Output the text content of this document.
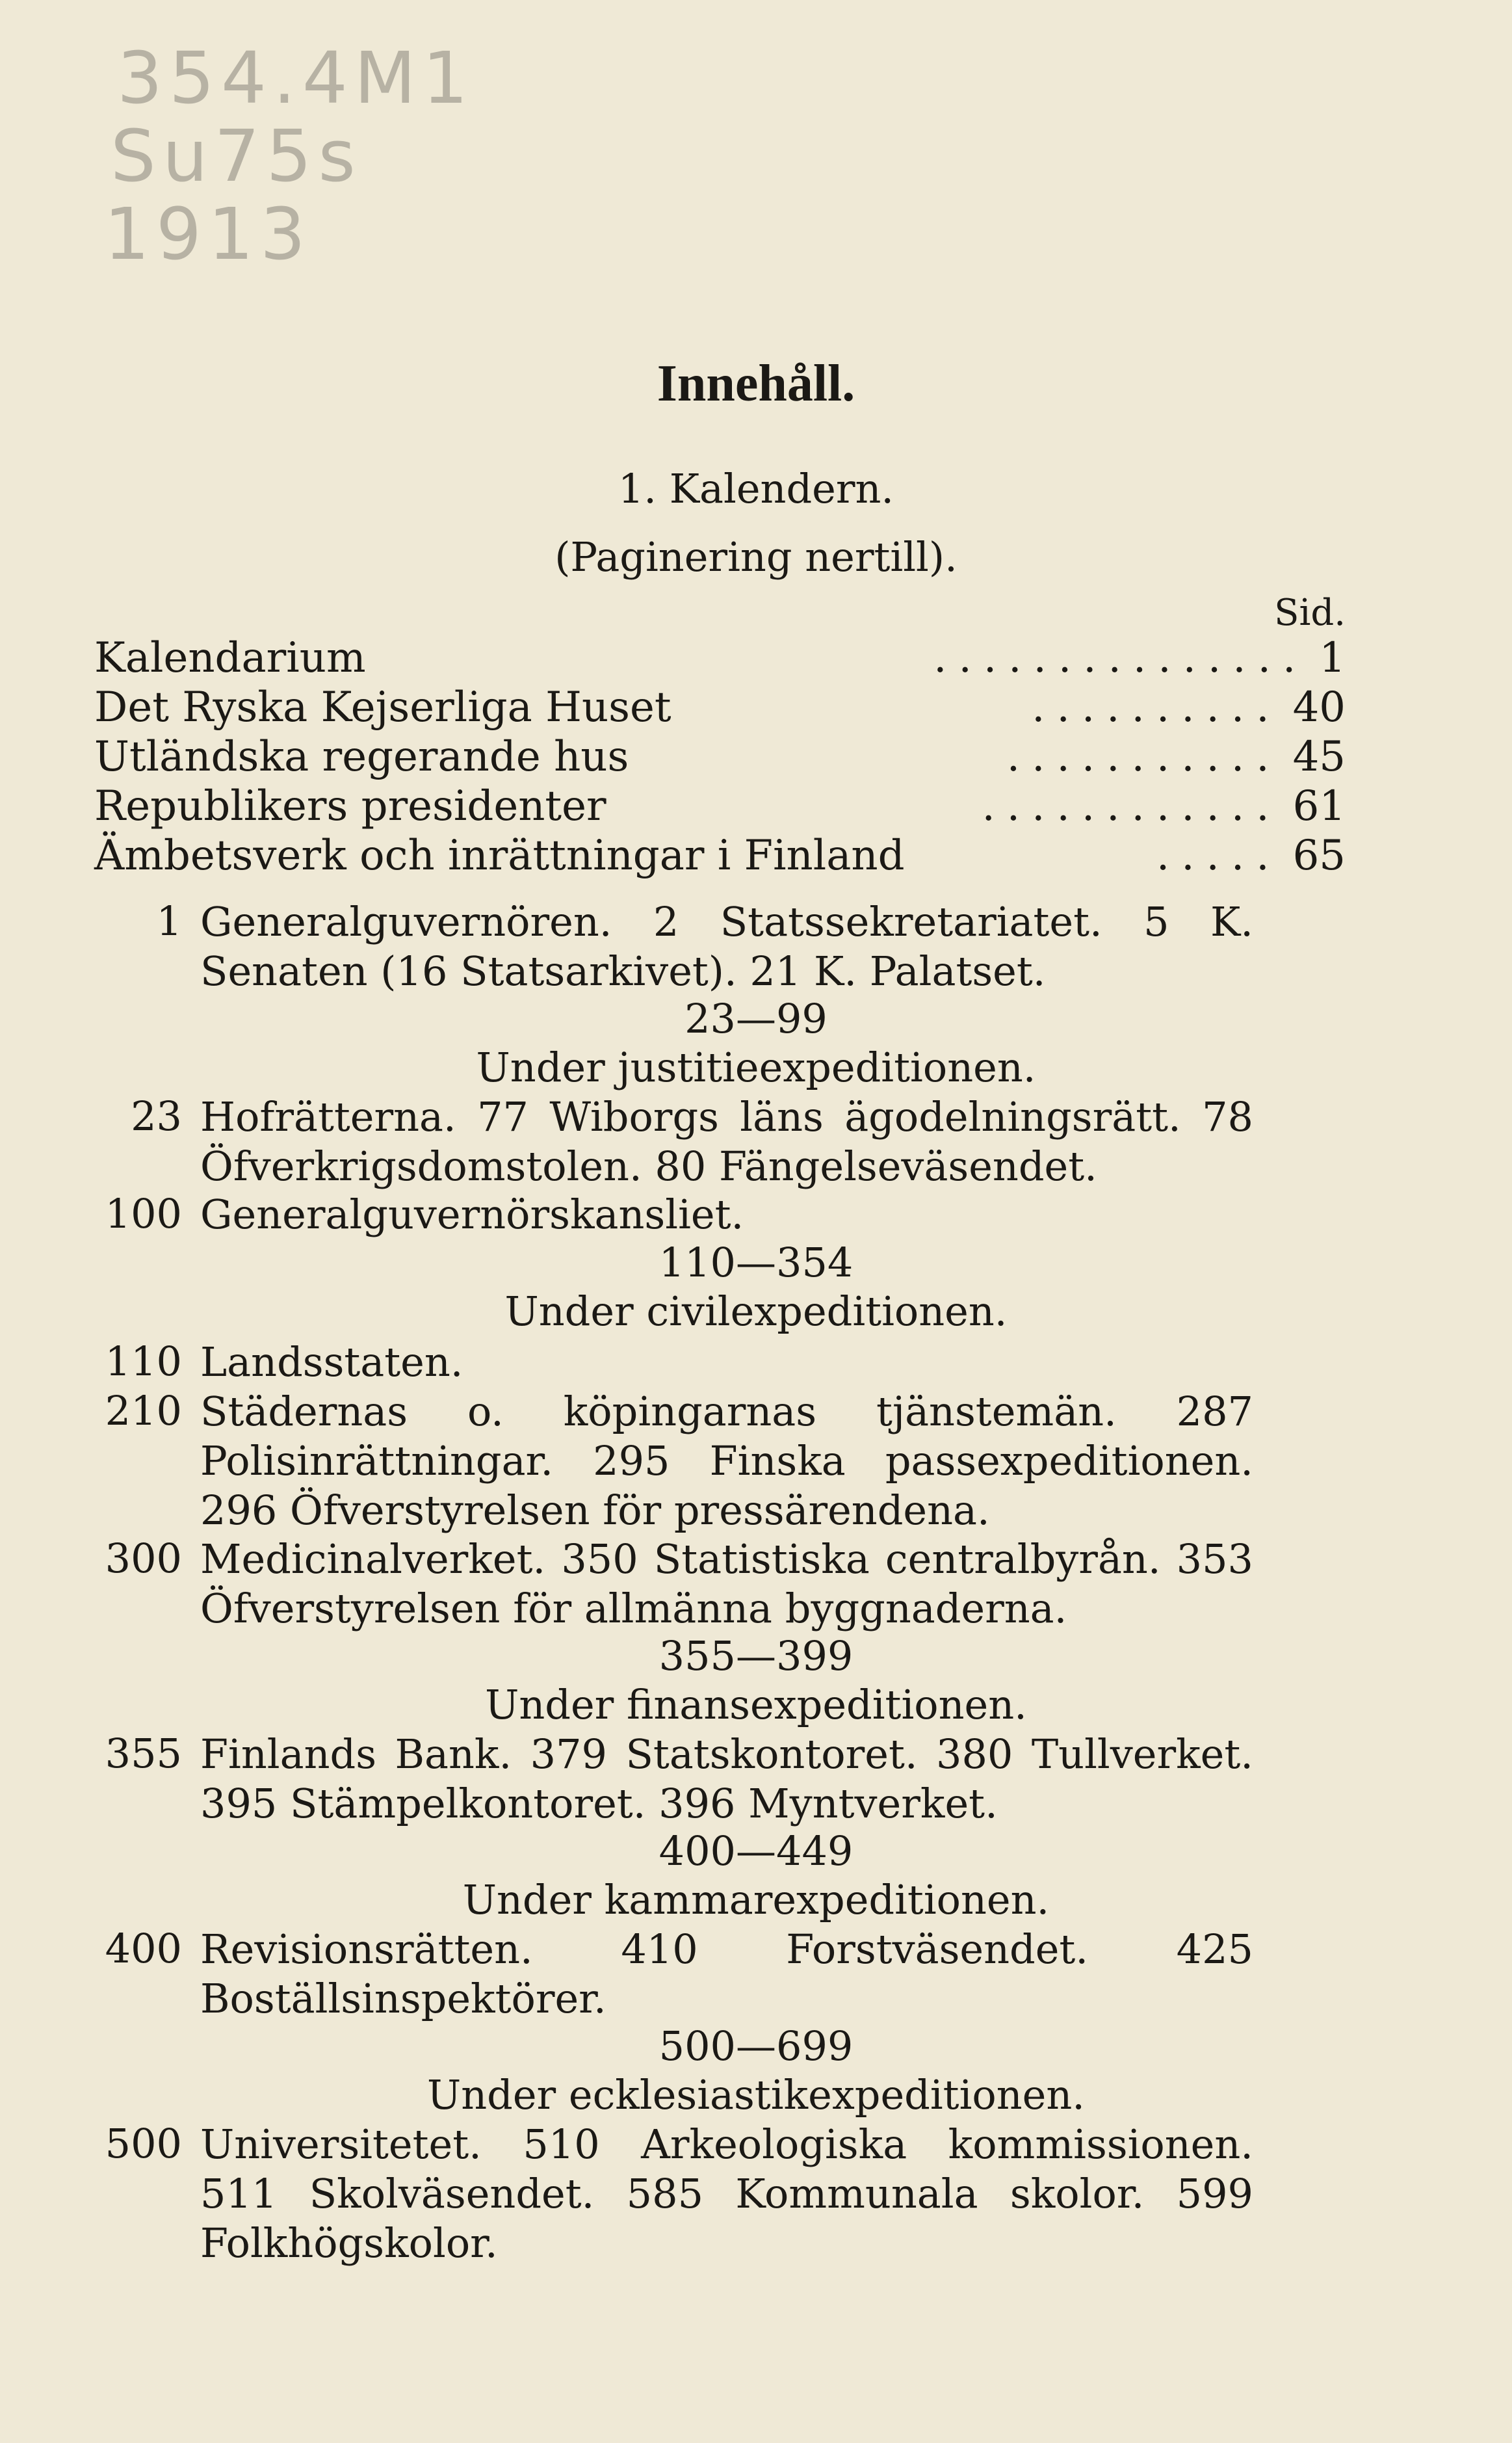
354.4M1
Su75s
1913
Innehåll.
1. Kalendern.
(Paginering nertill).
Sid.
Kalendarium	............... 1
Det Ryska Kejserliga Huset	.......... 40
Utländska regerande hus	........... 45
Republikers presidenter	............ 61
Ämbetsverk och inrättningar i Finland	..... 65
1 Generalguvernören. 2 Statssekretariatet. 5 K. Senaten (16 Statsarkivet). 21 K. Palatset.
23—99
Under justitieexpeditionen.
23 Hofrätterna. 77 Wiborgs läns ägodelningsrätt. 78 Öfverkrigsdomstolen. 80 Fängelseväsendet.
100 Generalguvernörskansliet.
110—354
Under civilexpeditionen.
110 Landsstaten.
210 Städernas o. köpingarnas tjänstemän. 287 Polisinrättningar. 295 Finska passexpeditionen. 296 Öfverstyrelsen för pressärendena.
300 Medicinalverket. 350 Statistiska centralbyrån. 353 Öfverstyrelsen för allmänna byggnaderna.
355—399
Under finansexpeditionen.
355 Finlands Bank. 379 Statskontoret. 380 Tullverket. 395 Stämpelkontoret. 396 Myntverket.
400—449
Under kammarexpeditionen.
400 Revisionsrätten. 410 Forstväsendet. 425 Boställsinspektörer.
500—699
Under ecklesiastikexpeditionen.
500 Universitetet. 510 Arkeologiska kommissionen. 511 Skolväsendet. 585 Kommunala skolor. 599 Folkhögskolor.
